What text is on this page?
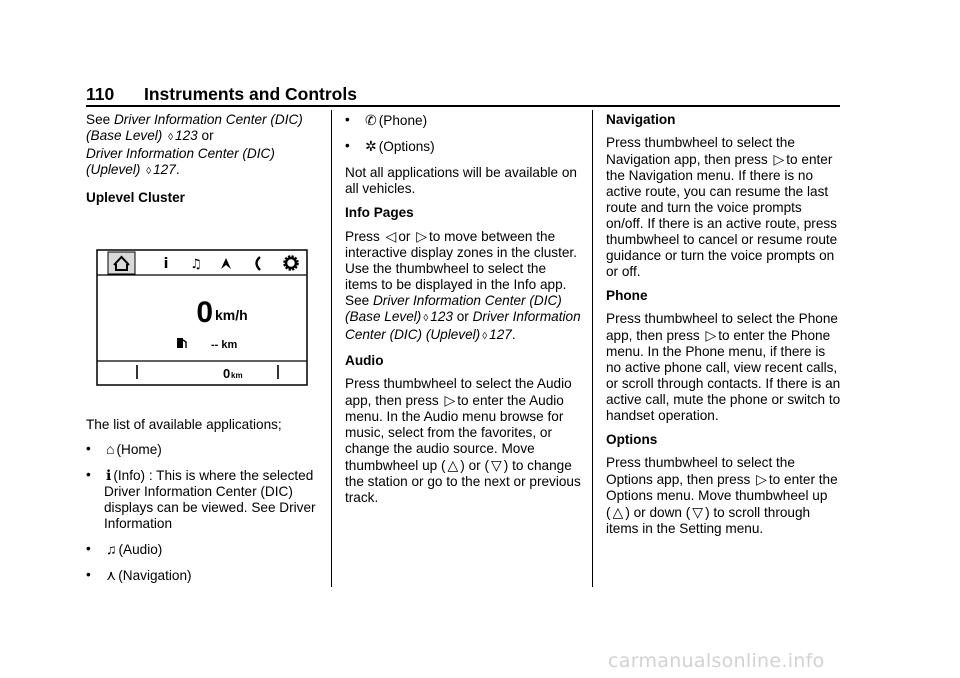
110 Instruments and Controls

See Driver Information Center (DIC) (Base Level) ◊ 123 or
Driver Information Center (DIC) (Uplevel) ◊ 127.

Uplevel Cluster

i ♫
0 km/h
-- km
0 km

The list of available applications;

• ⌂ (Home)
• ℹ (Info) : This is where the selected Driver Information Center (DIC) displays can be viewed. See Driver Information
• ♫ (Audio)
• ⋏ (Navigation)
• ✆ (Phone)
• ✲ (Options)

Not all applications will be available on all vehicles.

Info Pages

Press ◁ or ▷ to move between the interactive display zones in the cluster. Use the thumbwheel to select the items to be displayed in the Info app. See Driver Information Center (DIC) (Base Level) ◊ 123 or Driver Information Center (DIC) (Uplevel) ◊ 127.

Audio

Press thumbwheel to select the Audio app, then press ▷ to enter the Audio menu. In the Audio menu browse for music, select from the favorites, or change the audio source. Move thumbwheel up ( △ ) or ( ▽ ) to change the station or go to the next or previous track.

Navigation

Press thumbwheel to select the Navigation app, then press ▷ to enter the Navigation menu. If there is no active route, you can resume the last route and turn the voice prompts on/off. If there is an active route, press thumbwheel to cancel or resume route guidance or turn the voice prompts on or off.

Phone

Press thumbwheel to select the Phone app, then press ▷ to enter the Phone menu. In the Phone menu, if there is no active phone call, view recent calls, or scroll through contacts. If there is an active call, mute the phone or switch to handset operation.

Options

Press thumbwheel to select the Options app, then press ▷ to enter the Options menu. Move thumbwheel up ( △ ) or down ( ▽ ) to scroll through items in the Setting menu.

carmanualsonline.info
